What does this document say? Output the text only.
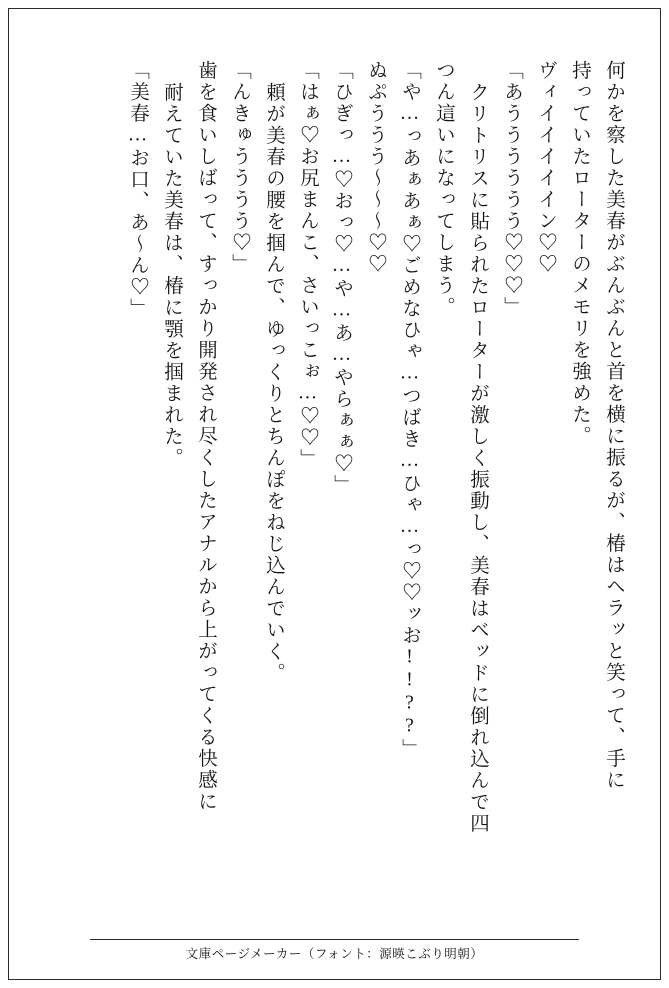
何かを察した美春がぶんぶんと首を横に振るが、椿はヘラッと笑って、手に
持っていたローターのメモリを強めた。
ヴィイイイイイン♡♡
「あうううううう♡♡♡」
クリトリスに貼られたローターが激しく振動し、美春はベッドに倒れ込んで四
つん這いになってしまう。
「や…っあぁあぁ♡ごめなひゃ…つばき…ひゃ…っ♡♡ッお!!??」
ぬぷううう〜〜〜♡♡
「ひぎっ…♡おっ♡…や…あ…やらぁぁ♡」
「はぁ♡お尻まんこ、さいっこぉ…♡♡」
頼が美春の腰を掴んで、ゆっくりとちんぽをねじ込んでいく。
「んきゅうううう♡」
歯を食いしばって、すっかり開発され尽くしたアナルから上がってくる快感に
耐えていた美春は、椿に顎を掴まれた。
「美春…お口、あ〜ん♡」
文庫ページメーカー（フォント：源暎こぶり明朝）
